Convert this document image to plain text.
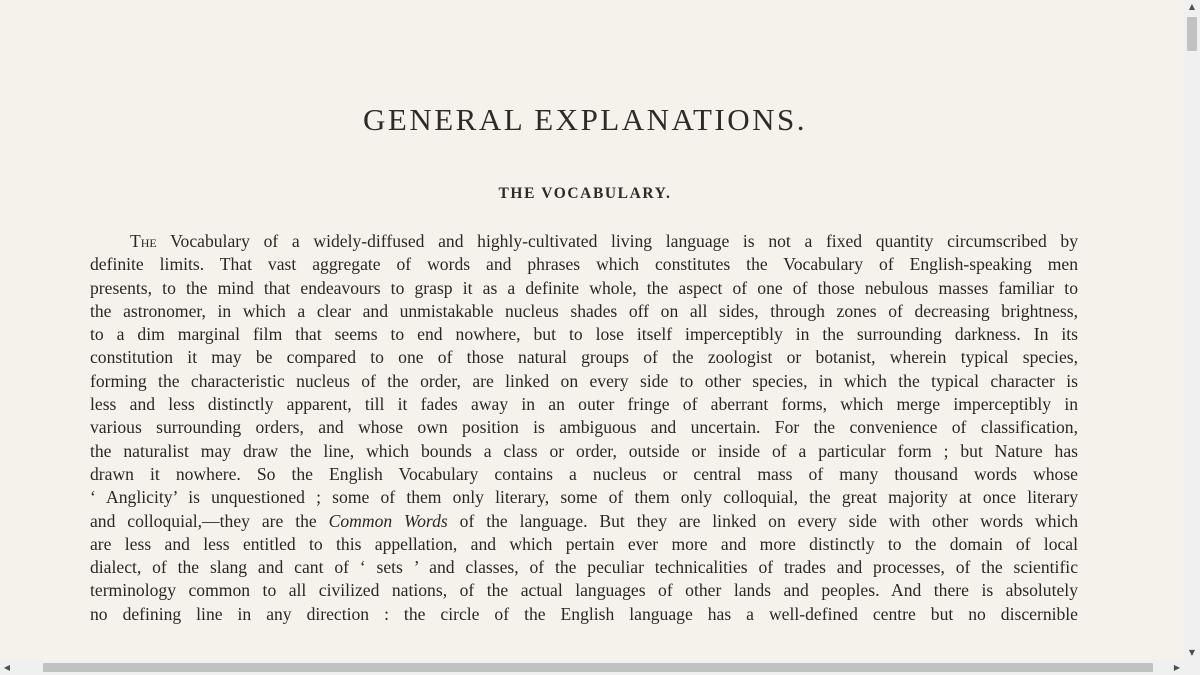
GENERAL EXPLANATIONS.
THE VOCABULARY.
The Vocabulary of a widely-diffused and highly-cultivated living language is not a fixed quantity circumscribed by
definite limits. That vast aggregate of words and phrases which constitutes the Vocabulary of English-speaking men
presents, to the mind that endeavours to grasp it as a definite whole, the aspect of one of those nebulous masses familiar to
the astronomer, in which a clear and unmistakable nucleus shades off on all sides, through zones of decreasing brightness,
to a dim marginal film that seems to end nowhere, but to lose itself imperceptibly in the surrounding darkness. In its
constitution it may be compared to one of those natural groups of the zoologist or botanist, wherein typical species,
forming the characteristic nucleus of the order, are linked on every side to other species, in which the typical character is
less and less distinctly apparent, till it fades away in an outer fringe of aberrant forms, which merge imperceptibly in
various surrounding orders, and whose own position is ambiguous and uncertain. For the convenience of classification,
the naturalist may draw the line, which bounds a class or order, outside or inside of a particular form ; but Nature has
drawn it nowhere. So the English Vocabulary contains a nucleus or central mass of many thousand words whose
‘ Anglicity’ is unquestioned ; some of them only literary, some of them only colloquial, the great majority at once literary
and colloquial,—they are the Common Words of the language. But they are linked on every side with other words which
are less and less entitled to this appellation, and which pertain ever more and more distinctly to the domain of local
dialect, of the slang and cant of ‘ sets ’ and classes, of the peculiar technicalities of trades and processes, of the scientific
terminology common to all civilized nations, of the actual languages of other lands and peoples. And there is absolutely
no defining line in any direction : the circle of the English language has a well-defined centre but no discernible
▲
▼
◀	▶
